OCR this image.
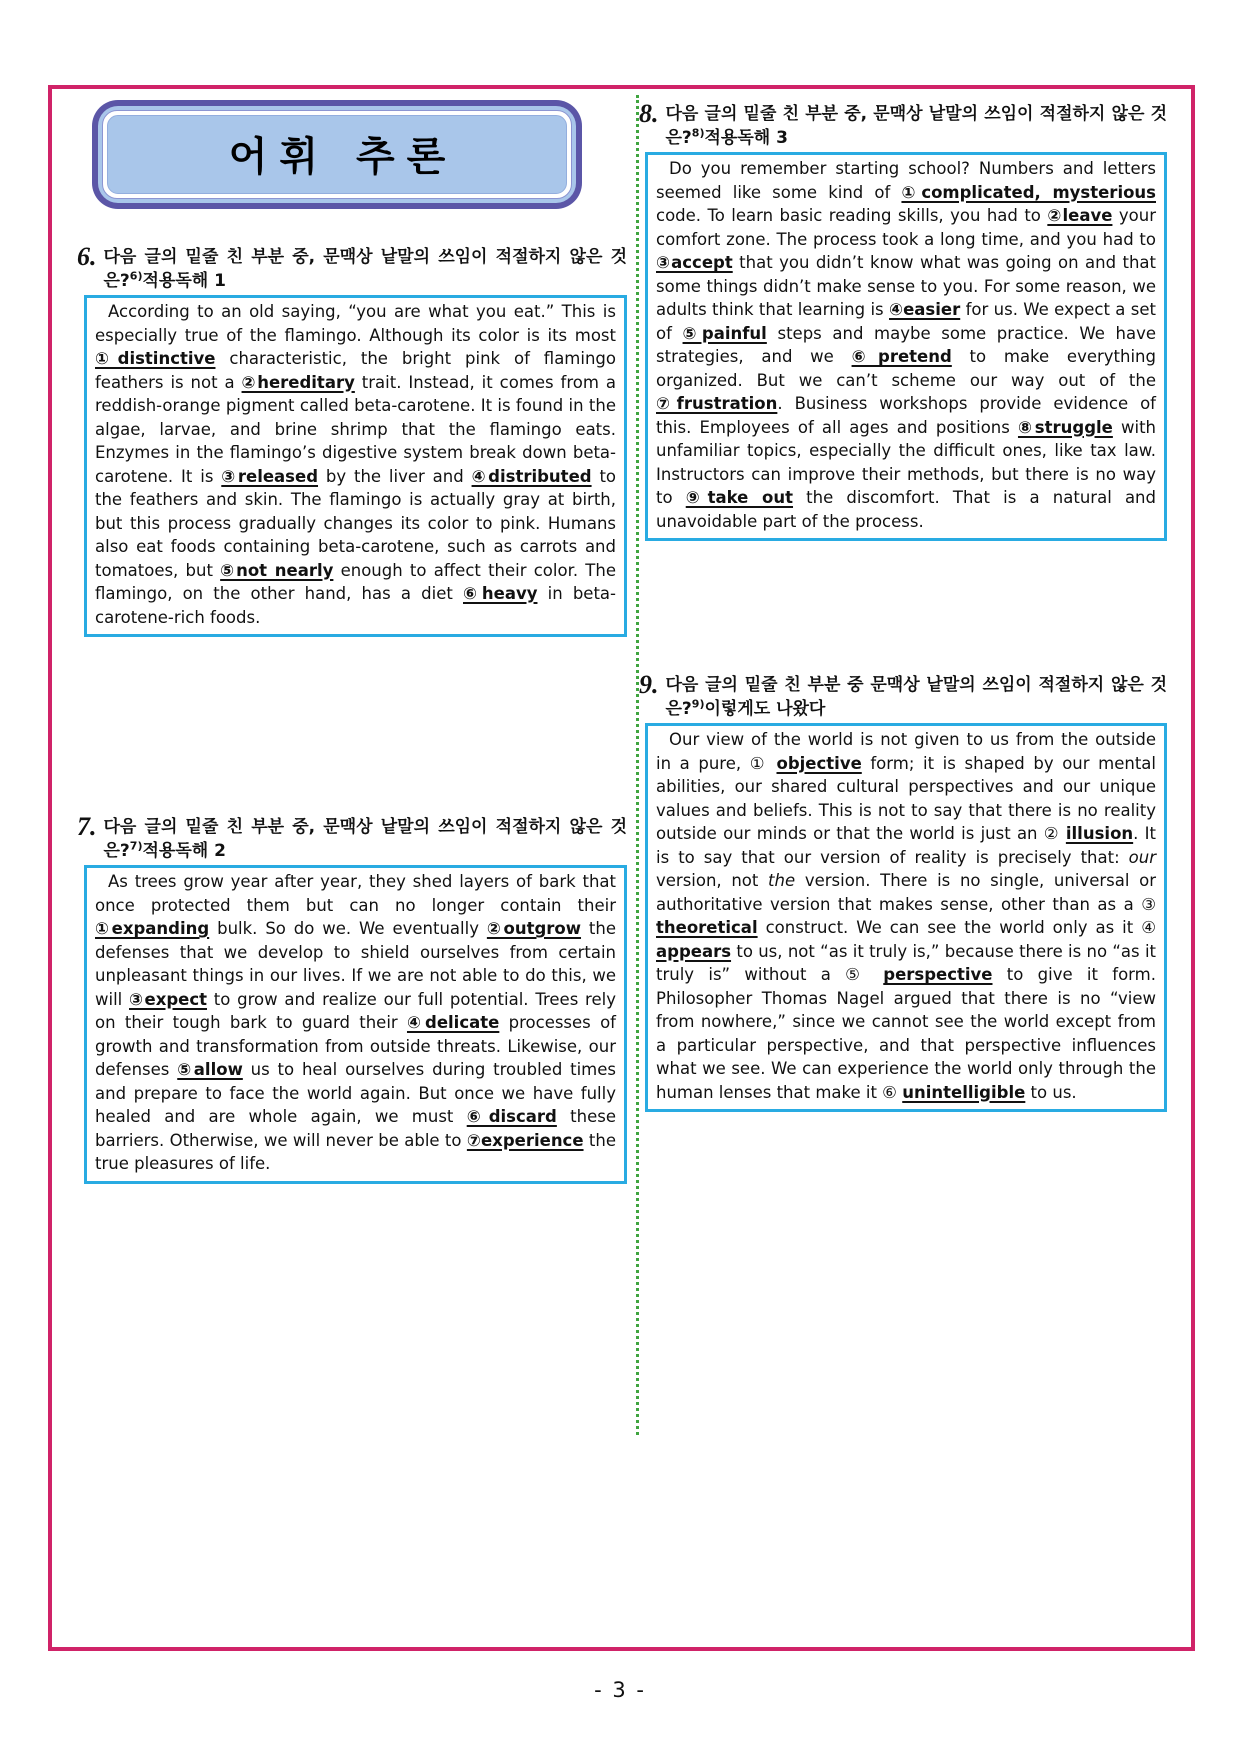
어휘 추론
6. 다음 글의 밑줄 친 부분 중, 문맥상 낱말의 쓰임이 적절하지 않은 것은?$^{6)}$적용독해 1

According to an old saying, “you are what you eat.” This is especially true of the flamingo. Although its color is its most ①distinctive characteristic, the bright pink of flamingo feathers is not a ②hereditary trait. Instead, it comes from a reddish-orange pigment called beta-carotene. It is found in the algae, larvae, and brine shrimp that the flamingo eats. Enzymes in the flamingo’s digestive system break down beta-carotene. It is ③released by the liver and ④distributed to the feathers and skin. The flamingo is actually gray at birth, but this process gradually changes its color to pink. Humans also eat foods containing beta-carotene, such as carrots and tomatoes, but ⑤not nearly enough to affect their color. The flamingo, on the other hand, has a diet ⑥heavy in beta-carotene-rich foods.
7. 다음 글의 밑줄 친 부분 중, 문맥상 낱말의 쓰임이 적절하지 않은 것은?$^{7)}$적용독해 2

As trees grow year after year, they shed layers of bark that once protected them but can no longer contain their ①expanding bulk. So do we. We eventually ②outgrow the defenses that we develop to shield ourselves from certain unpleasant things in our lives. If we are not able to do this, we will ③expect to grow and realize our full potential. Trees rely on their tough bark to guard their ④delicate processes of growth and transformation from outside threats. Likewise, our defenses ⑤allow us to heal ourselves during troubled times and prepare to face the world again. But once we have fully healed and are whole again, we must ⑥discard these barriers. Otherwise, we will never be able to ⑦experience the true pleasures of life.
8. 다음 글의 밑줄 친 부분 중, 문맥상 낱말의 쓰임이 적절하지 않은 것은?$^{8)}$적용독해 3

Do you remember starting school? Numbers and letters seemed like some kind of ①complicated, mysterious code. To learn basic reading skills, you had to ②leave your comfort zone. The process took a long time, and you had to ③accept that you didn’t know what was going on and that some things didn’t make sense to you. For some reason, we adults think that learning is ④easier for us. We expect a set of ⑤painful steps and maybe some practice. We have strategies, and we ⑥pretend to make everything organized. But we can’t scheme our way out of the ⑦frustration. Business workshops provide evidence of this. Employees of all ages and positions ⑧struggle with unfamiliar topics, especially the difficult ones, like tax law. Instructors can improve their methods, but there is no way to ⑨take out the discomfort. That is a natural and unavoidable part of the process.
9. 다음 글의 밑줄 친 부분 중 문맥상 낱말의 쓰임이 적절하지 않은 것은?$^{9)}$이렇게도 나왔다

Our view of the world is not given to us from the outside in a pure, ① objective form; it is shaped by our mental abilities, our shared cultural perspectives and our unique values and beliefs. This is not to say that there is no reality outside our minds or that the world is just an ② illusion. It is to say that our version of reality is precisely that: our version, not the version. There is no single, universal or authoritative version that makes sense, other than as a ③ theoretical construct. We can see the world only as it ④ appears to us, not “as it truly is,” because there is no “as it truly is” without a ⑤ perspective to give it form. Philosopher Thomas Nagel argued that there is no “view from nowhere,” since we cannot see the world except from a particular perspective, and that perspective influences what we see. We can experience the world only through the human lenses that make it ⑥ unintelligible to us.
- 3 -
